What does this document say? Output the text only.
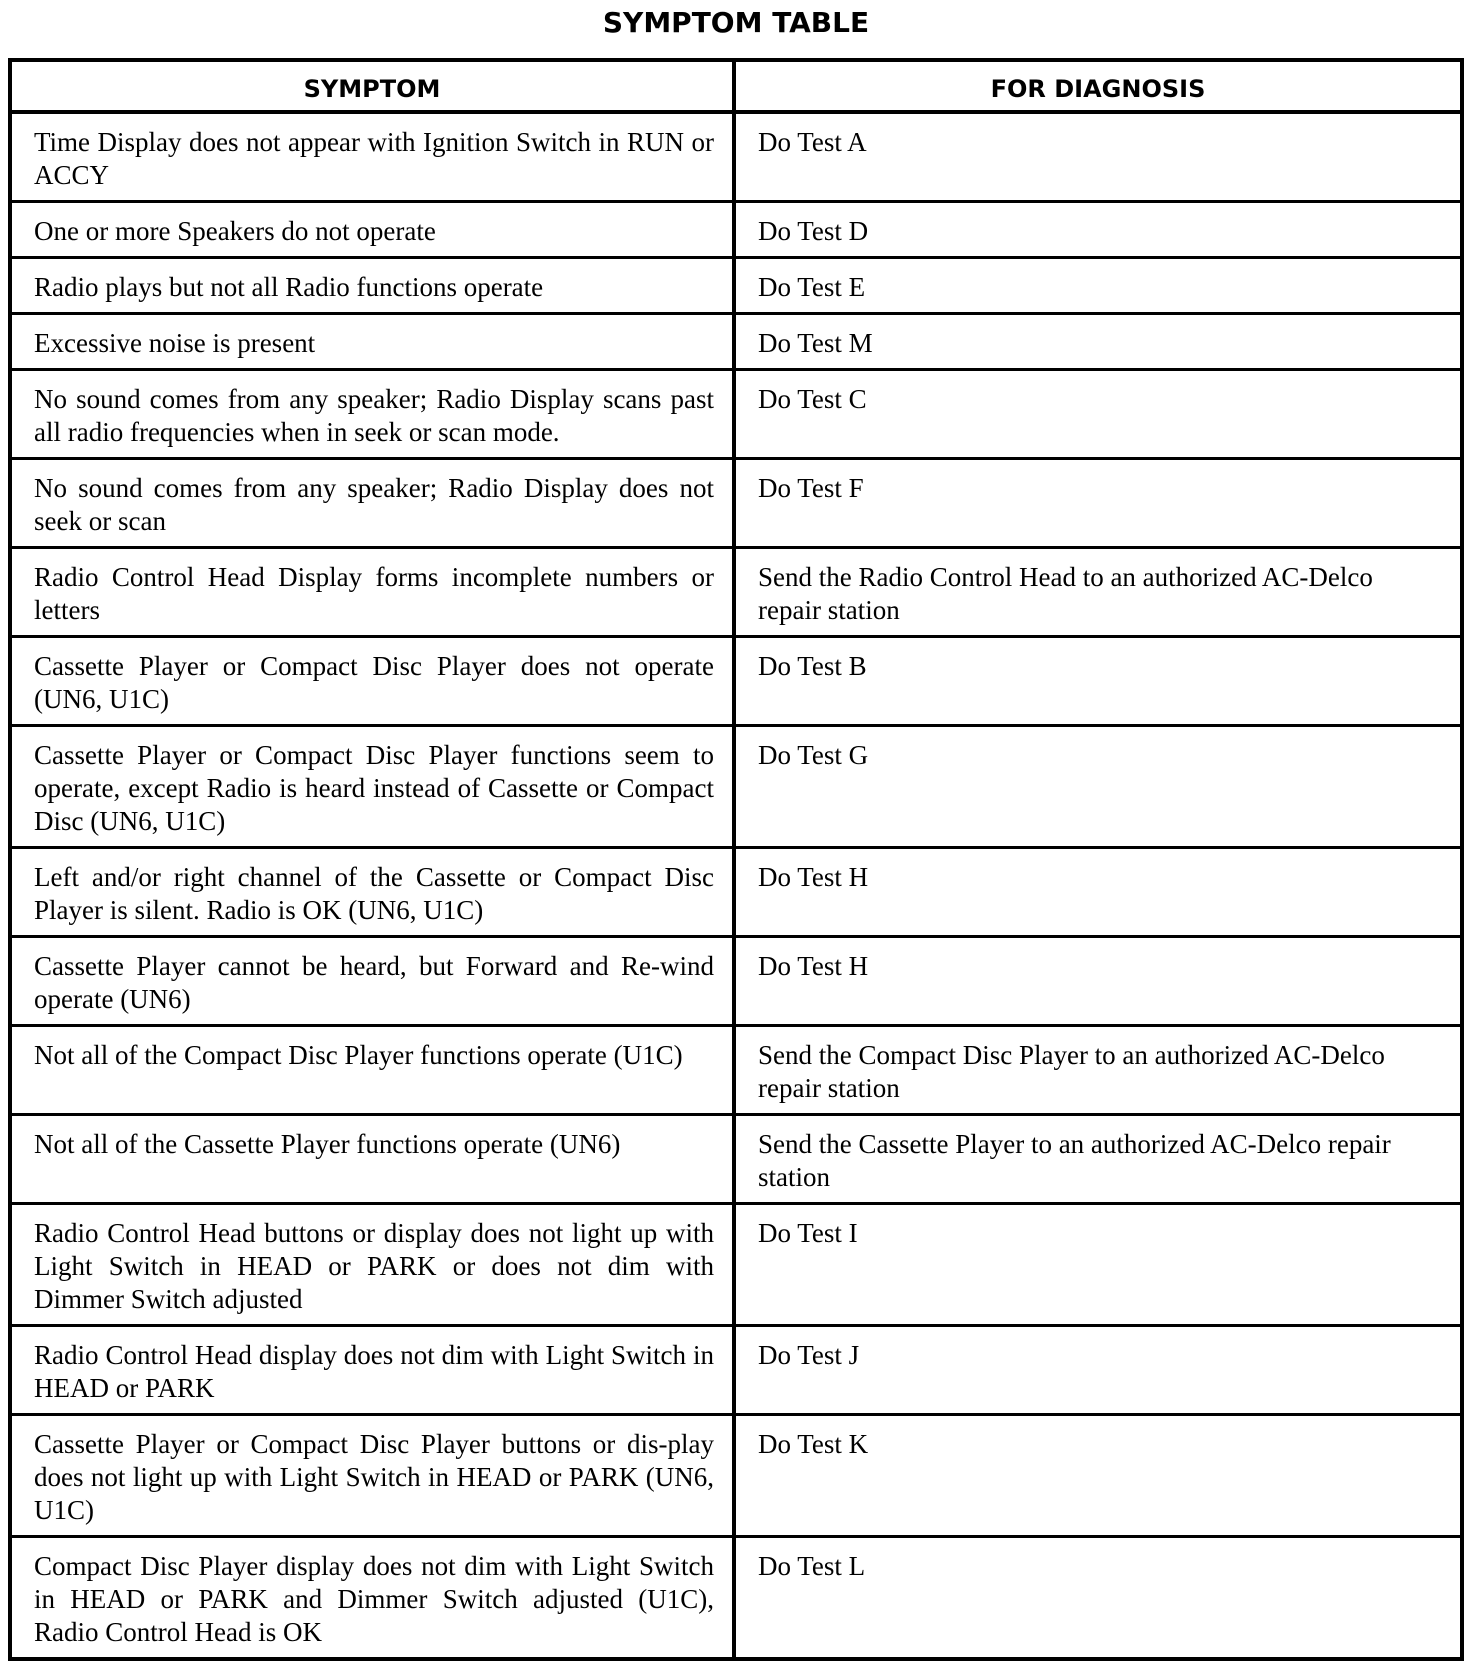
SYMPTOM TABLE
SYMPTOM	FOR DIAGNOSIS
Time Display does not appear with Ignition Switch in RUN or ACCY	Do Test A
One or more Speakers do not operate	Do Test D
Radio plays but not all Radio functions operate	Do Test E
Excessive noise is present	Do Test M
No sound comes from any speaker; Radio Display scans past all radio frequencies when in seek or scan mode.	Do Test C
No sound comes from any speaker; Radio Display does not seek or scan	Do Test F
Radio Control Head Display forms incomplete numbers or letters	Send the Radio Control Head to an authorized AC-Delco repair station
Cassette Player or Compact Disc Player does not operate (UN6, U1C)	Do Test B
Cassette Player or Compact Disc Player functions seem to operate, except Radio is heard instead of Cassette or Compact Disc (UN6, U1C)	Do Test G
Left and/or right channel of the Cassette or Compact Disc Player is silent. Radio is OK (UN6, U1C)	Do Test H
Cassette Player cannot be heard, but Forward and Re-wind operate (UN6)	Do Test H
Not all of the Compact Disc Player functions operate (U1C)	Send the Compact Disc Player to an authorized AC-Delco repair station
Not all of the Cassette Player functions operate (UN6)	Send the Cassette Player to an authorized AC-Delco repair station
Radio Control Head buttons or display does not light up with Light Switch in HEAD or PARK or does not dim with Dimmer Switch adjusted	Do Test I
Radio Control Head display does not dim with Light Switch in HEAD or PARK	Do Test J
Cassette Player or Compact Disc Player buttons or dis-play does not light up with Light Switch in HEAD or PARK (UN6, U1C)	Do Test K
Compact Disc Player display does not dim with Light Switch in HEAD or PARK and Dimmer Switch adjusted (U1C), Radio Control Head is OK	Do Test L
